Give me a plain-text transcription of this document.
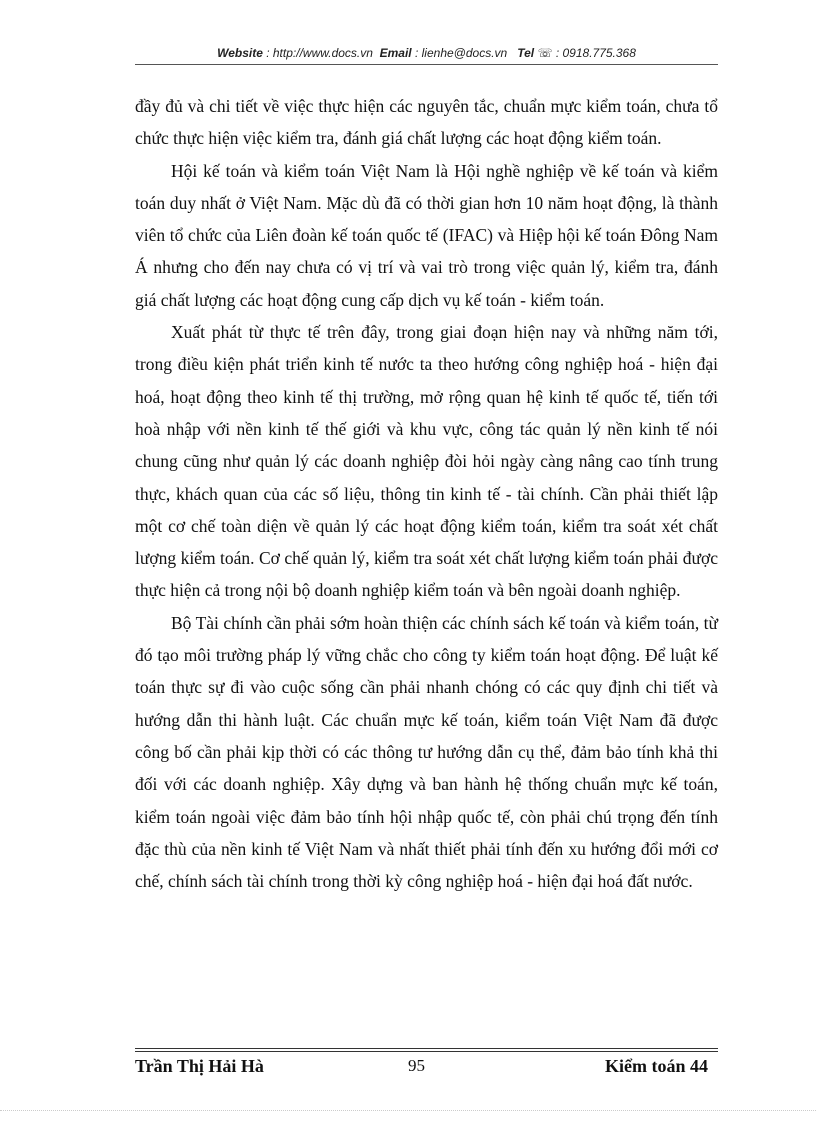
Website : http://www.docs.vn Email : lienhe@docs.vn Tel ☏ : 0918.775.368

đầy đủ và chi tiết về việc thực hiện các nguyên tắc, chuẩn mực kiểm toán, chưa tổ chức thực hiện việc kiểm tra, đánh giá chất lượng các hoạt động kiểm toán.

Hội kế toán và kiểm toán Việt Nam là Hội nghề nghiệp về kế toán và kiểm toán duy nhất ở Việt Nam. Mặc dù đã có thời gian hơn 10 năm hoạt động, là thành viên tổ chức của Liên đoàn kế toán quốc tế (IFAC) và Hiệp hội kế toán Đông Nam Á nhưng cho đến nay chưa có vị trí và vai trò trong việc quản lý, kiểm tra, đánh giá chất lượng các hoạt động cung cấp dịch vụ kế toán - kiểm toán.

Xuất phát từ thực tế trên đây, trong giai đoạn hiện nay và những năm tới, trong điều kiện phát triển kinh tế nước ta theo hướng công nghiệp hoá - hiện đại hoá, hoạt động theo kinh tế thị trường, mở rộng quan hệ kinh tế quốc tế, tiến tới hoà nhập với nền kinh tế thế giới và khu vực, công tác quản lý nền kinh tế nói chung cũng như quản lý các doanh nghiệp đòi hỏi ngày càng nâng cao tính trung thực, khách quan của các số liệu, thông tin kinh tế - tài chính. Cần phải thiết lập một cơ chế toàn diện về quản lý các hoạt động kiểm toán, kiểm tra soát xét chất lượng kiểm toán. Cơ chế quản lý, kiểm tra soát xét chất lượng kiểm toán phải được thực hiện cả trong nội bộ doanh nghiệp kiểm toán và bên ngoài doanh nghiệp.

Bộ Tài chính cần phải sớm hoàn thiện các chính sách kế toán và kiểm toán, từ đó tạo môi trường pháp lý vững chắc cho công ty kiểm toán hoạt động. Để luật kế toán thực sự đi vào cuộc sống cần phải nhanh chóng có các quy định chi tiết và hướng dẫn thi hành luật. Các chuẩn mực kế toán, kiểm toán Việt Nam đã được công bố cần phải kịp thời có các thông tư hướng dẫn cụ thể, đảm bảo tính khả thi đối với các doanh nghiệp. Xây dựng và ban hành hệ thống chuẩn mực kế toán, kiểm toán ngoài việc đảm bảo tính hội nhập quốc tế, còn phải chú trọng đến tính đặc thù của nền kinh tế Việt Nam và nhất thiết phải tính đến xu hướng đổi mới cơ chế, chính sách tài chính trong thời kỳ công nghiệp hoá - hiện đại hoá đất nước.

Trần Thị Hải Hà	95	Kiểm toán 44
